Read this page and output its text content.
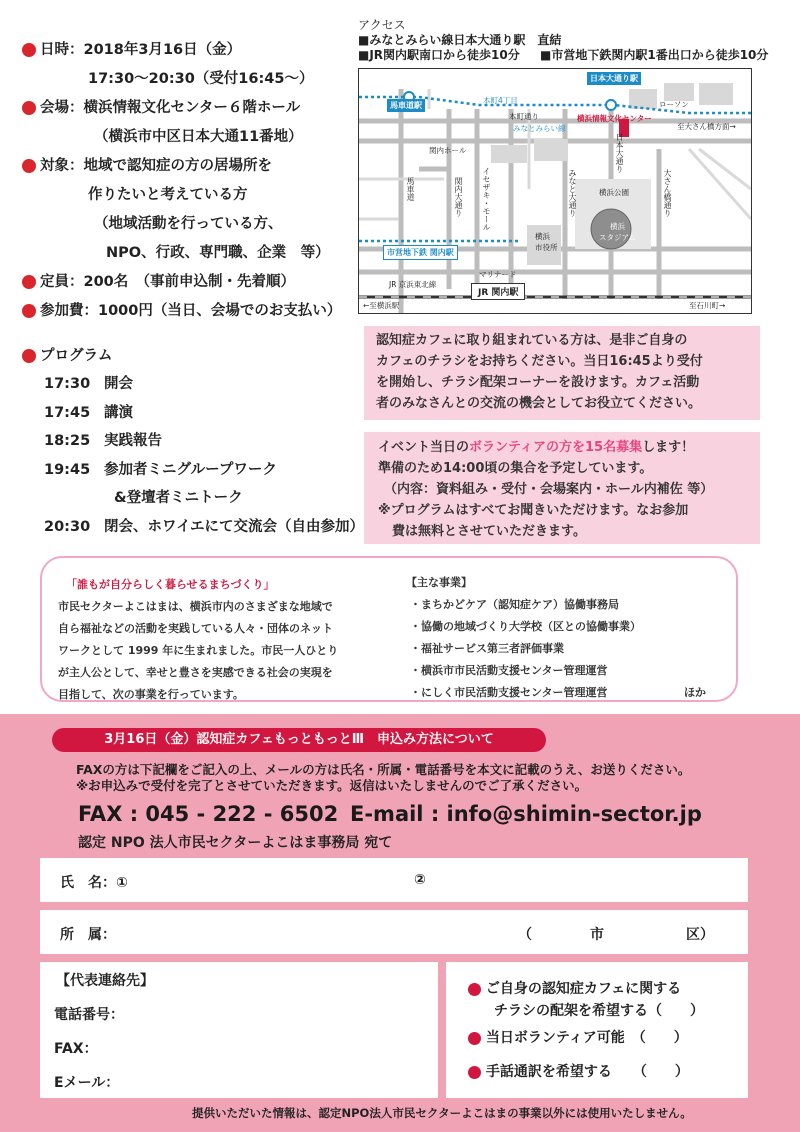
日時：2018年3月16日（金）
17:30〜20:30（受付16:45〜）
会場：横浜情報文化センター６階ホール
（横浜市中区日本大通11番地）
対象：地域で認知症の方の居場所を
作りたいと考えている方
（地域活動を行っている方、
NPO、行政、専門職、企業　等）
定員：200名　（事前申込制・先着順）
参加費：1000円（当日、会場でのお支払い）
プログラム
17:30 開会
17:45 講演
18:25 実践報告
19:45 参加者ミニグループワーク
&登壇者ミニトーク
20:30 閉会、ホワイエにて交流会（自由参加）
アクセス
■みなとみらい線日本大通り駅　直結
■JR関内駅南口から徒歩10分 ■市営地下鉄関内駅1番出口から徒歩10分
馬車道駅
日本大通り駅
市営地下鉄 関内駅
JR 関内駅
横浜情報文化センター
横浜公園
横浜
スタジアム
横浜
市役所
本町4丁目
本町通り
みなとみらい線
ローソン
至大さん橋方面→
関内ホール
マリナード
馬車道	関内大通り イセザキ・モール
日本大通り
みなと大通り	大さん橋通り
JR 京浜東北線
←至横浜駅	至石川町→
認知症カフェに取り組まれている方は、是非ご自身の
カフェのチラシをお持ちください。当日16:45より受付
を開始し、チラシ配架コーナーを設けます。カフェ活動
者のみなさんとの交流の機会としてお役立てください。
イベント当日のボランティアの方を15名募集します！
準備のため14:00頃の集合を予定しています。
（内容：資料組み・受付・会場案内・ホール内補佐 等）
※プログラムはすべてお聞きいただけます。なお参加
費は無料とさせていただきます。
「誰もが自分らしく暮らせるまちづくり」
市民セクターよこはまは、横浜市内のさまざまな地域で
自ら福祉などの活動を実践している人々・団体のネット
ワークとして 1999 年に生まれました。市民一人ひとり
が主人公として、幸せと豊さを実感できる社会の実現を
目指して、次の事業を行っています。
【主な事業】
・まちかどケア（認知症ケア）協働事務局
・協働の地域づくり大学校（区との協働事業）
・福祉サービス第三者評価事業
・横浜市市民活動支援センター管理運営
・にしく市民活動支援センター管理運営	ほか
3月16日（金）認知症カフェもっともっとⅢ　申込み方法について
FAXの方は下記欄をご記入の上、メールの方は氏名・所属・電話番号を本文に記載のうえ、お送りください。
※お申込みで受付を完了とさせていただきます。返信はいたしませんのでご了承ください。
FAX : 045 - 222 - 6502 E-mail : info@shimin-sector.jp
認定 NPO 法人市民セクターよこはま事務局 宛て
氏　名：①	②
所　属：	（	市	区）
【代表連絡先】
電話番号：
FAX：
Eメール：
ご自身の認知症カフェに関する
チラシの配架を希望する（　　）
当日ボランティア可能　（　　）
手話通訳を希望する　　（　　）
提供いただいた情報は、認定NPO法人市民セクターよこはまの事業以外には使用いたしません。
